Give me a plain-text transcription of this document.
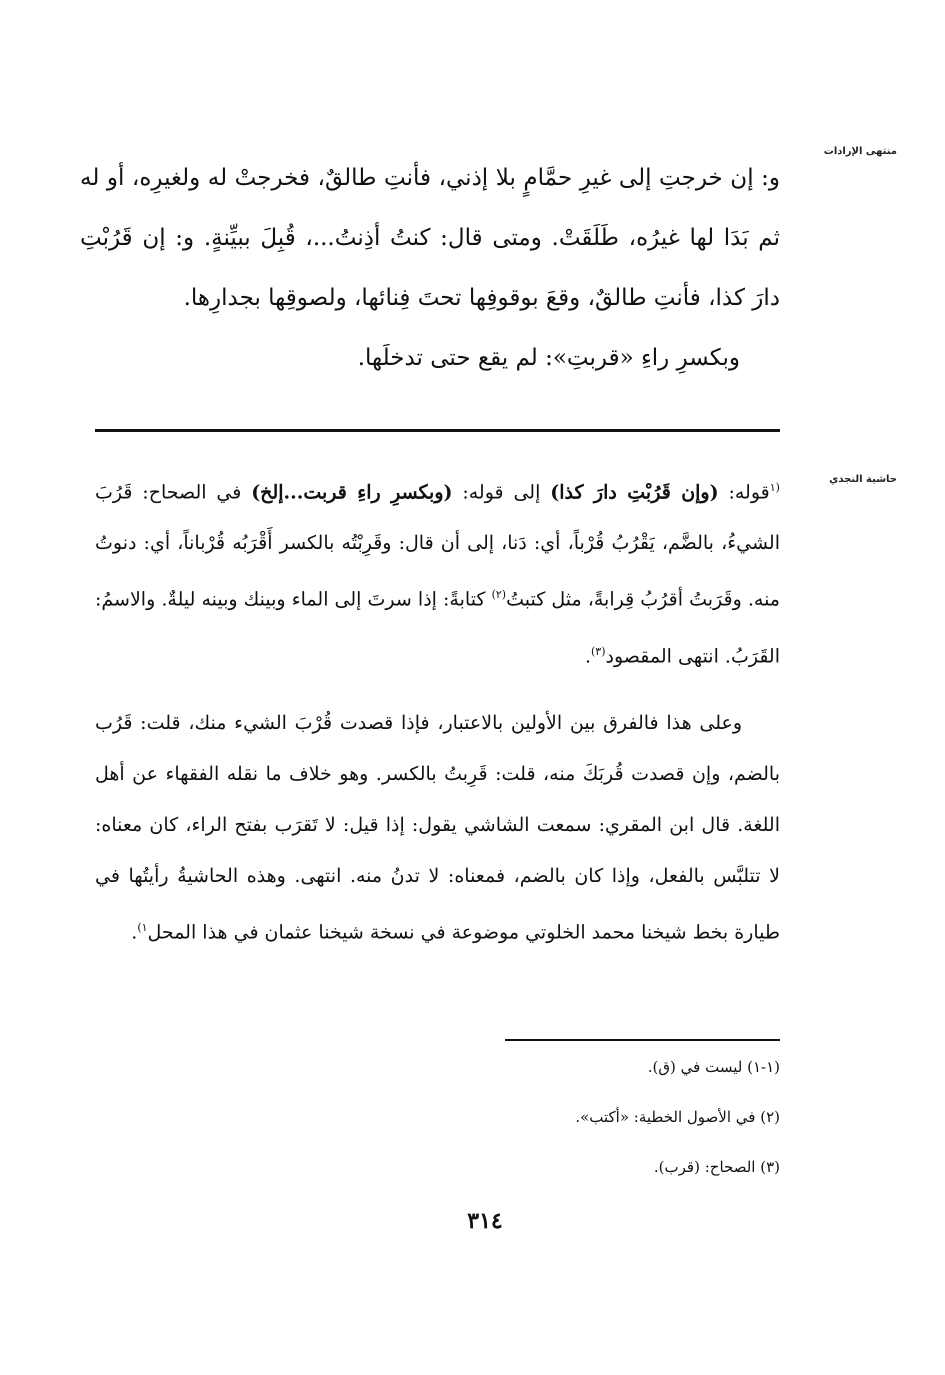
منتهى الإرادات
حاشية النجدي

و: إن خرجتِ إلى غيرِ حمَّامٍ بلا إذني، فأنتِ طالقٌ، فخرجتْ له ولغيرِه، أو له ثم بَدَا لها غيرُه، طَلَقَتْ. ومتى قال: كنتُ أذِنتُ...، قُبِلَ ببيِّنةٍ. و: إن قَرُبْتِ دارَ كذا، فأنتِ طالقٌ، وقعَ بوقوفِها تحتَ فِنائها، ولصوقِها بجدارِها.

وبكسرِ راءِ «قربتِ»: لم يقع حتى تدخلَها.

$^{(١}$قوله: (وإن قَرُبْتِ دارَ كذا) إلى قوله: (وبكسرِ راءِ قربت...إلخ) في الصحاح: قَرُبَ الشيءُ، بالضَّم، يَقْرُبُ قُرْباً، أي: دَنا، إلى أن قال: وقَرِبْتُه بالكسر أَقْرَبُه قُرْباناً، أي: دنوتُ منه. وقَرَبتُ أقرُبُ قِرابةً، مثل كتبتُ$^{(٢)}$ كتابةً: إذا سرتَ إلى الماء وبينك وبينه ليلةٌ. والاسمُ: القَرَبُ. انتهى المقصود$^{(٣)}$.

وعلى هذا فالفرق بين الأولين بالاعتبار، فإذا قصدت قُرْبَ الشيء منك، قلت: قَرُب بالضم، وإن قصدت قُربَكَ منه، قلت: قَرِبتُ بالكسر. وهو خلاف ما نقله الفقهاء عن أهل اللغة. قال ابن المقري: سمعت الشاشي يقول: إذا قيل: لا تَقرَب بفتح الراء، كان معناه: لا تتلبَّس بالفعل، وإذا كان بالضم، فمعناه: لا تدنُ منه. انتهى. وهذه الحاشيةُ رأيتُها في طيارة بخط شيخنا محمد الخلوتي موضوعة في نسخة شيخنا عثمان في هذا المحل$^{١)}$.

(١-١) ليست في (ق).
(٢) في الأصول الخطية: «أكتب».
(٣) الصحاح: (قرب).
٣١٤
